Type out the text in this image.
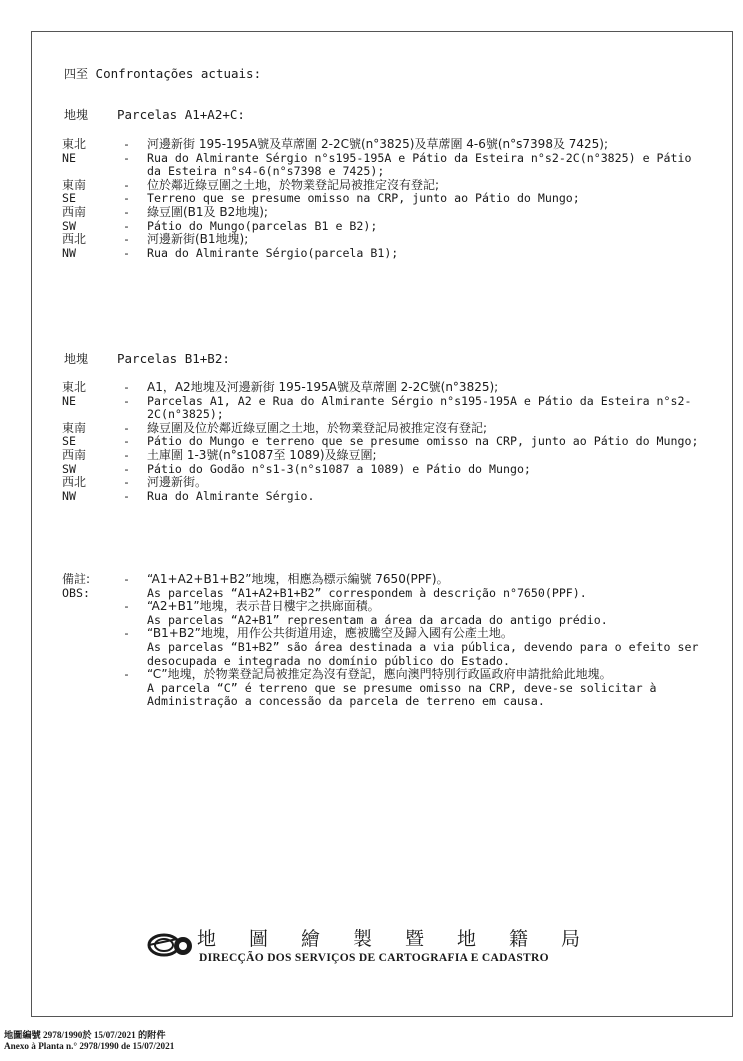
四至 Confrontações actuais:
地塊 Parcelas A1+A2+C:
東北	-	河邊新街 195-195A號及草蓆圍 2-2C號(n°3825)及草蓆圍 4-6號(n°s7398及 7425);
NE	-	Rua do Almirante Sérgio n°s195-195A e Pátio da Esteira n°s2-2C(n°3825) e Pátio da Esteira n°s4-6(n°s7398 e 7425);
東南	-	位於鄰近綠豆圍之土地，於物業登記局被推定沒有登記;
SE	-	Terreno que se presume omisso na CRP, junto ao Pátio do Mungo;
西南	-	綠豆圍(B1及 B2地塊);
SW	-	Pátio do Mungo(parcelas B1 e B2);
西北	-	河邊新街(B1地塊);
NW	-	Rua do Almirante Sérgio(parcela B1);
地塊 Parcelas B1+B2:
東北	-	A1，A2地塊及河邊新街 195-195A號及草蓆圍 2-2C號(n°3825);
NE	-	Parcelas A1, A2 e Rua do Almirante Sérgio n°s195-195A e Pátio da Esteira n°s2-2C(n°3825);
東南	-	綠豆圍及位於鄰近綠豆圍之土地，於物業登記局被推定沒有登記;
SE	-	Pátio do Mungo e terreno que se presume omisso na CRP, junto ao Pátio do Mungo;
西南	-	土庫圍 1-3號(n°s1087至 1089)及綠豆圍;
SW	-	Pátio do Godão n°s1-3(n°s1087 a 1089) e Pátio do Mungo;
西北	-	河邊新街。
NW	-	Rua do Almirante Sérgio.
備註:	-	“A1+A2+B1+B2”地塊，相應為標示編號 7650(PPF)。
OBS:	As parcelas “A1+A2+B1+B2” correspondem à descrição n°7650(PPF).
-	“A2+B1”地塊，表示昔日樓宇之拱廊面積。
As parcelas “A2+B1” representam a área da arcada do antigo prédio.
-	“B1+B2”地塊，用作公共街道用途，應被騰空及歸入國有公產土地。
As parcelas “B1+B2” são área destinada a via pública, devendo para o efeito ser desocupada e integrada no domínio público do Estado.
-	“C”地塊，於物業登記局被推定為沒有登記，應向澳門特別行政區政府申請批給此地塊。
A parcela “C” é terreno que se presume omisso na CRP, deve-se solicitar à Administração a concessão da parcela de terreno em causa.
地 圖 繪 製 暨 地 籍 局
DIRECÇÃO DOS SERVIÇOS DE CARTOGRAFIA E CADASTRO
地圖編號 2978/1990於 15/07/2021 的附件
Anexo à Planta n.° 2978/1990 de 15/07/2021
